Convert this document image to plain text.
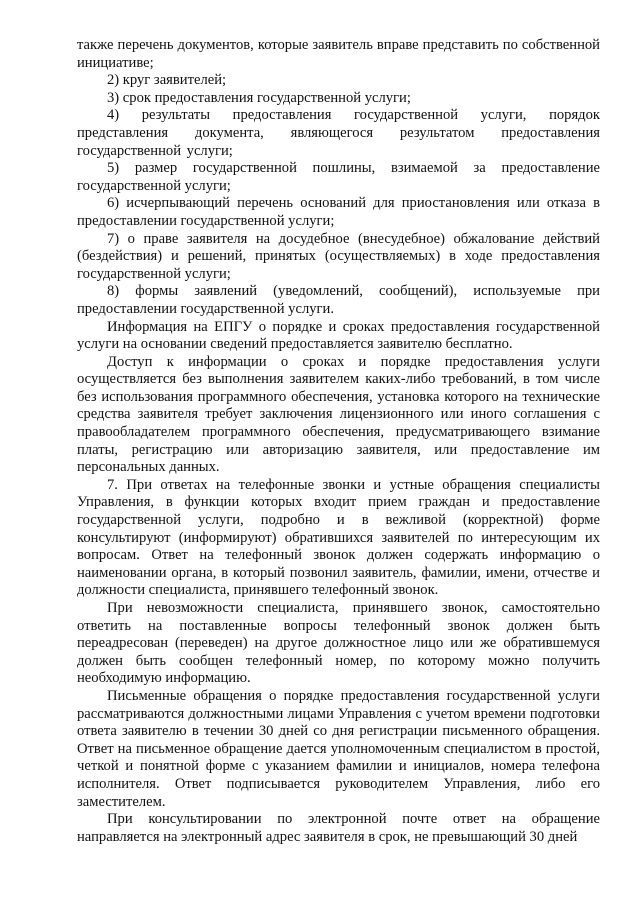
также перечень документов, которые заявитель вправе представить по собственной инициативе;

2) круг заявителей;

3) срок предоставления государственной услуги;

4) результаты предоставления государственной услуги, порядок представления документа, являющегося результатом предоставления государственной услуги;

5) размер государственной пошлины, взимаемой за предоставление государственной услуги;

6) исчерпывающий перечень оснований для приостановления или отказа в предоставлении государственной услуги;

7) о праве заявителя на досудебное (внесудебное) обжалование действий (бездействия) и решений, принятых (осуществляемых) в ходе предоставления государственной услуги;

8) формы заявлений (уведомлений, сообщений), используемые при предоставлении государственной услуги.

Информация на ЕПГУ о порядке и сроках предоставления государственной услуги на основании сведений предоставляется заявителю бесплатно.

Доступ к информации о сроках и порядке предоставления услуги осуществляется без выполнения заявителем каких-либо требований, в том числе без использования программного обеспечения, установка которого на технические средства заявителя требует заключения лицензионного или иного соглашения с правообладателем программного обеспечения, предусматривающего взимание платы, регистрацию или авторизацию заявителя, или предоставление им персональных данных.

7. При ответах на телефонные звонки и устные обращения специалисты Управления, в функции которых входит прием граждан и предоставление государственной услуги, подробно и в вежливой (корректной) форме консультируют (информируют) обратившихся заявителей по интересующим их вопросам. Ответ на телефонный звонок должен содержать информацию о наименовании органа, в который позвонил заявитель, фамилии, имени, отчестве и должности специалиста, принявшего телефонный звонок.

При невозможности специалиста, принявшего звонок, самостоятельно ответить на поставленные вопросы телефонный звонок должен быть переадресован (переведен) на другое должностное лицо или же обратившемуся должен быть сообщен телефонный номер, по которому можно получить необходимую информацию.

Письменные обращения о порядке предоставления государственной услуги рассматриваются должностными лицами Управления с учетом времени подготовки ответа заявителю в течении 30 дней со дня регистрации письменного обращения. Ответ на письменное обращение дается уполномоченным специалистом в простой, четкой и понятной форме с указанием фамилии и инициалов, номера телефона исполнителя. Ответ подписывается руководителем Управления, либо его заместителем.

При консультировании по электронной почте ответ на обращение направляется на электронный адрес заявителя в срок, не превышающий 30 дней
